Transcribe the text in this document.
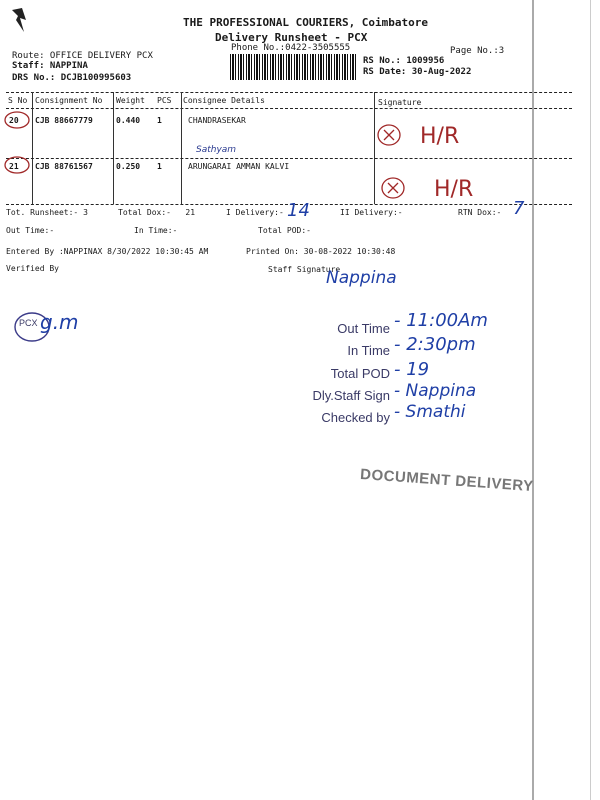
THE PROFESSIONAL COURIERS, Coimbatore
Delivery Runsheet - PCX
Phone No.:0422-3505555	Page No.:3
Route: OFFICE DELIVERY PCX
Staff: NAPPINA
DRS No.: DCJB100995603
RS No.: 1009956
RS Date: 30-Aug-2022
S No Consignment No Weight PCS Consignee Details	Signature
20 CJB 88667779	0.440 1	CHANDRASEKAR
Sathyam
H/R
21 CJB 88761567	0.250 1	ARUNGARAI AMMAN KALVI
H/R
Tot. Runsheet:- 3	Total Dox:-   21	I Delivery:- 14	II Delivery:-	RTN Dox:- 7
Out Time:-	In Time:-	Total POD:-
Entered By :NAPPINAX 8/30/2022 10:30:45 AM	Printed On: 30-08-2022 10:30:48
Verified By	Staff Signature
Nappina
PCX g.m	Out Time - 11:00Am
In Time - 2:30pm
Total POD - 19
Dly.Staff Sign - Nappina
Checked by - Smathi
DOCUMENT DELIVERY
